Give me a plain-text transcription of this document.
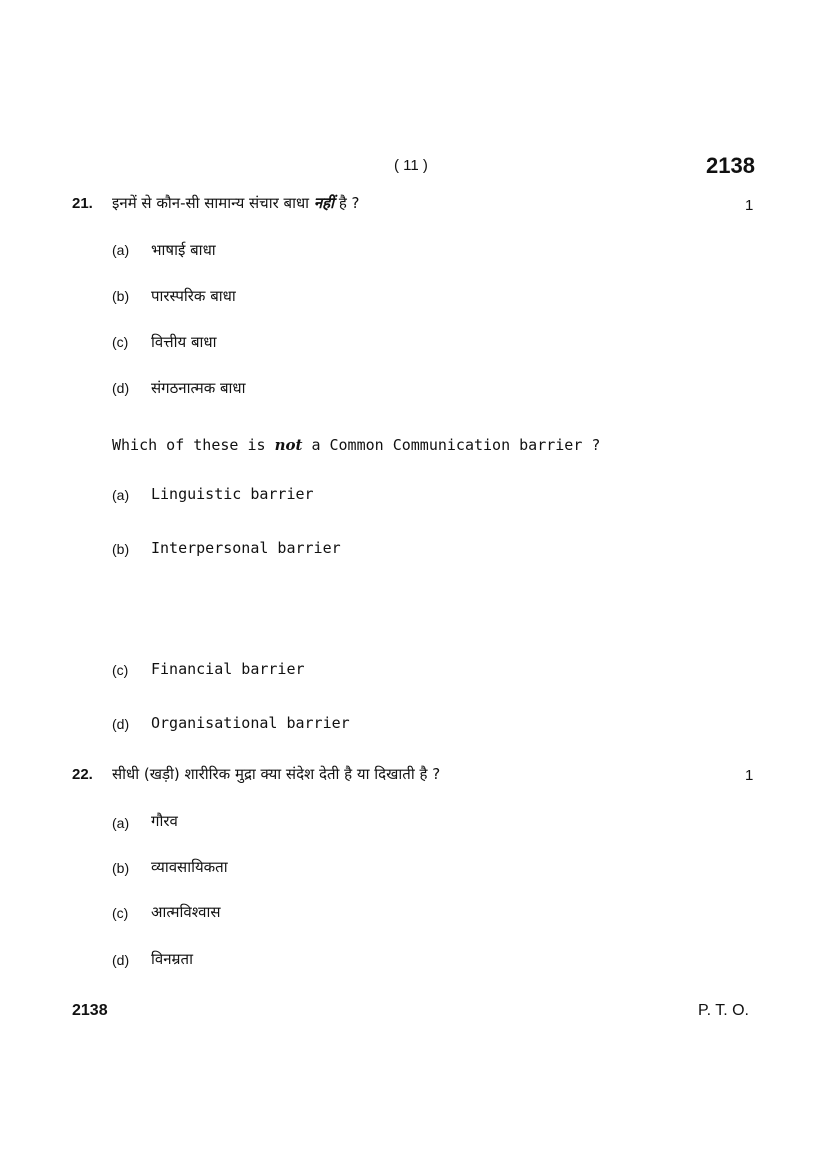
( 11 )	2138
21. इनमें से कौन-सी सामान्य संचार बाधा नहीं है ?	1
(a) भाषाई बाधा
(b) पारस्परिक बाधा
(c) वित्तीय बाधा
(d) संगठनात्मक बाधा
Which of these is not a Common Communication barrier ?
(a) Linguistic barrier
(b) Interpersonal barrier
(c) Financial barrier
(d) Organisational barrier
22. सीधी (खड़ी) शारीरिक मुद्रा क्या संदेश देती है या दिखाती है ?	1
(a) गौरव
(b) व्यावसायिकता
(c) आत्मविश्वास
(d) विनम्रता
2138	P. T. O.
